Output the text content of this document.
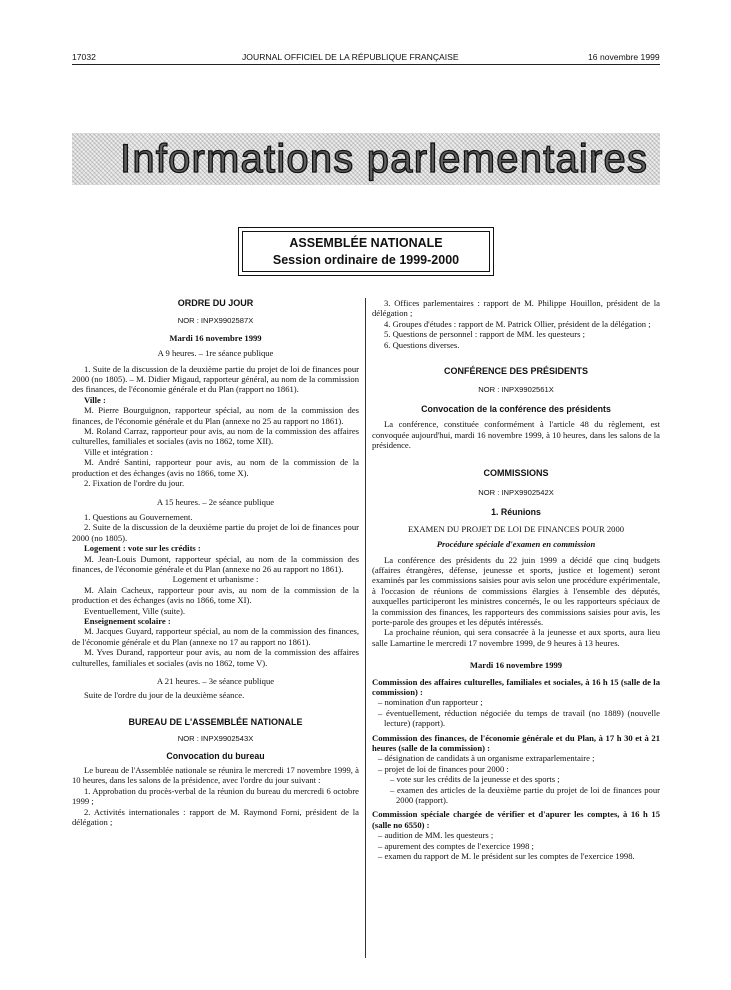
17032	JOURNAL OFFICIEL DE LA RÉPUBLIQUE FRANÇAISE	16 novembre 1999
Informations parlementaires
ASSEMBLÉE NATIONALE
Session ordinaire de 1999-2000

ORDRE DU JOUR

NOR : INPX9902587X

Mardi 16 novembre 1999

A 9 heures. – 1re séance publique

1. Suite de la discussion de la deuxième partie du projet de loi de finances pour 2000 (no 1805). – M. Didier Migaud, rapporteur général, au nom de la commission des finances, de l'économie générale et du Plan (rapport no 1861).

Ville :

M. Pierre Bourguignon, rapporteur spécial, au nom de la commission des finances, de l'économie générale et du Plan (annexe no 25 au rapport no 1861).

M. Roland Carraz, rapporteur pour avis, au nom de la commission des affaires culturelles, familiales et sociales (avis no 1862, tome XII).

Ville et intégration :

M. André Santini, rapporteur pour avis, au nom de la commission de la production et des échanges (avis no 1866, tome X).

2. Fixation de l'ordre du jour.

A 15 heures. – 2e séance publique

1. Questions au Gouvernement.

2. Suite de la discussion de la deuxième partie du projet de loi de finances pour 2000 (no 1805).

Logement : vote sur les crédits :

M. Jean-Louis Dumont, rapporteur spécial, au nom de la commission des finances, de l'économie générale et du Plan (annexe no 26 au rapport no 1861).

Logement et urbanisme :

M. Alain Cacheux, rapporteur pour avis, au nom de la commission de la production et des échanges (avis no 1866, tome XI).

Eventuellement, Ville (suite).

Enseignement scolaire :

M. Jacques Guyard, rapporteur spécial, au nom de la commission des finances, de l'économie générale et du Plan (annexe no 17 au rapport no 1861).

M. Yves Durand, rapporteur pour avis, au nom de la commission des affaires culturelles, familiales et sociales (avis no 1862, tome V).

A 21 heures. – 3e séance publique

Suite de l'ordre du jour de la deuxième séance.

BUREAU DE L'ASSEMBLÉE NATIONALE

NOR : INPX9902543X

Convocation du bureau

Le bureau de l'Assemblée nationale se réunira le mercredi 17 novembre 1999, à 10 heures, dans les salons de la présidence, avec l'ordre du jour suivant :

1. Approbation du procès-verbal de la réunion du bureau du mercredi 6 octobre 1999 ;

2. Activités internationales : rapport de M. Raymond Forni, président de la délégation ;

3. Offices parlementaires : rapport de M. Philippe Houillon, président de la délégation ;

4. Groupes d'études : rapport de M. Patrick Ollier, président de la délégation ;

5. Questions de personnel : rapport de MM. les questeurs ;

6. Questions diverses.

CONFÉRENCE DES PRÉSIDENTS

NOR : INPX9902561X

Convocation de la conférence des présidents

La conférence, constituée conformément à l'article 48 du règlement, est convoquée aujourd'hui, mardi 16 novembre 1999, à 10 heures, dans les salons de la présidence.

COMMISSIONS

NOR : INPX9902542X

1. Réunions

EXAMEN DU PROJET DE LOI DE FINANCES POUR 2000

Procédure spéciale d'examen en commission

La conférence des présidents du 22 juin 1999 a décidé que cinq budgets (affaires étrangères, défense, jeunesse et sports, justice et logement) seront examinés par les commissions saisies pour avis selon une procédure expérimentale, à l'occasion de réunions de commissions élargies à l'ensemble des députés, auxquelles participeront les ministres concernés, le ou les rapporteurs spéciaux de la commission des finances, les rapporteurs des commissions saisies pour avis, les porte-parole des groupes et les députés intéressés.

La prochaine réunion, qui sera consacrée à la jeunesse et aux sports, aura lieu salle Lamartine le mercredi 17 novembre 1999, de 9 heures à 13 heures.

Mardi 16 novembre 1999

Commission des affaires culturelles, familiales et sociales, à 16 h 15 (salle de la commission) :

– nomination d'un rapporteur ;

– éventuellement, réduction négociée du temps de travail (no 1889) (nouvelle lecture) (rapport).

Commission des finances, de l'économie générale et du Plan, à 17 h 30 et à 21 heures (salle de la commission) :

– désignation de candidats à un organisme extraparlementaire ;

– projet de loi de finances pour 2000 :

– vote sur les crédits de la jeunesse et des sports ;

– examen des articles de la deuxième partie du projet de loi de finances pour 2000 (rapport).

Commission spéciale chargée de vérifier et d'apurer les comptes, à 16 h 15 (salle no 6550) :

– audition de MM. les questeurs ;

– apurement des comptes de l'exercice 1998 ;

– examen du rapport de M. le président sur les comptes de l'exercice 1998.
